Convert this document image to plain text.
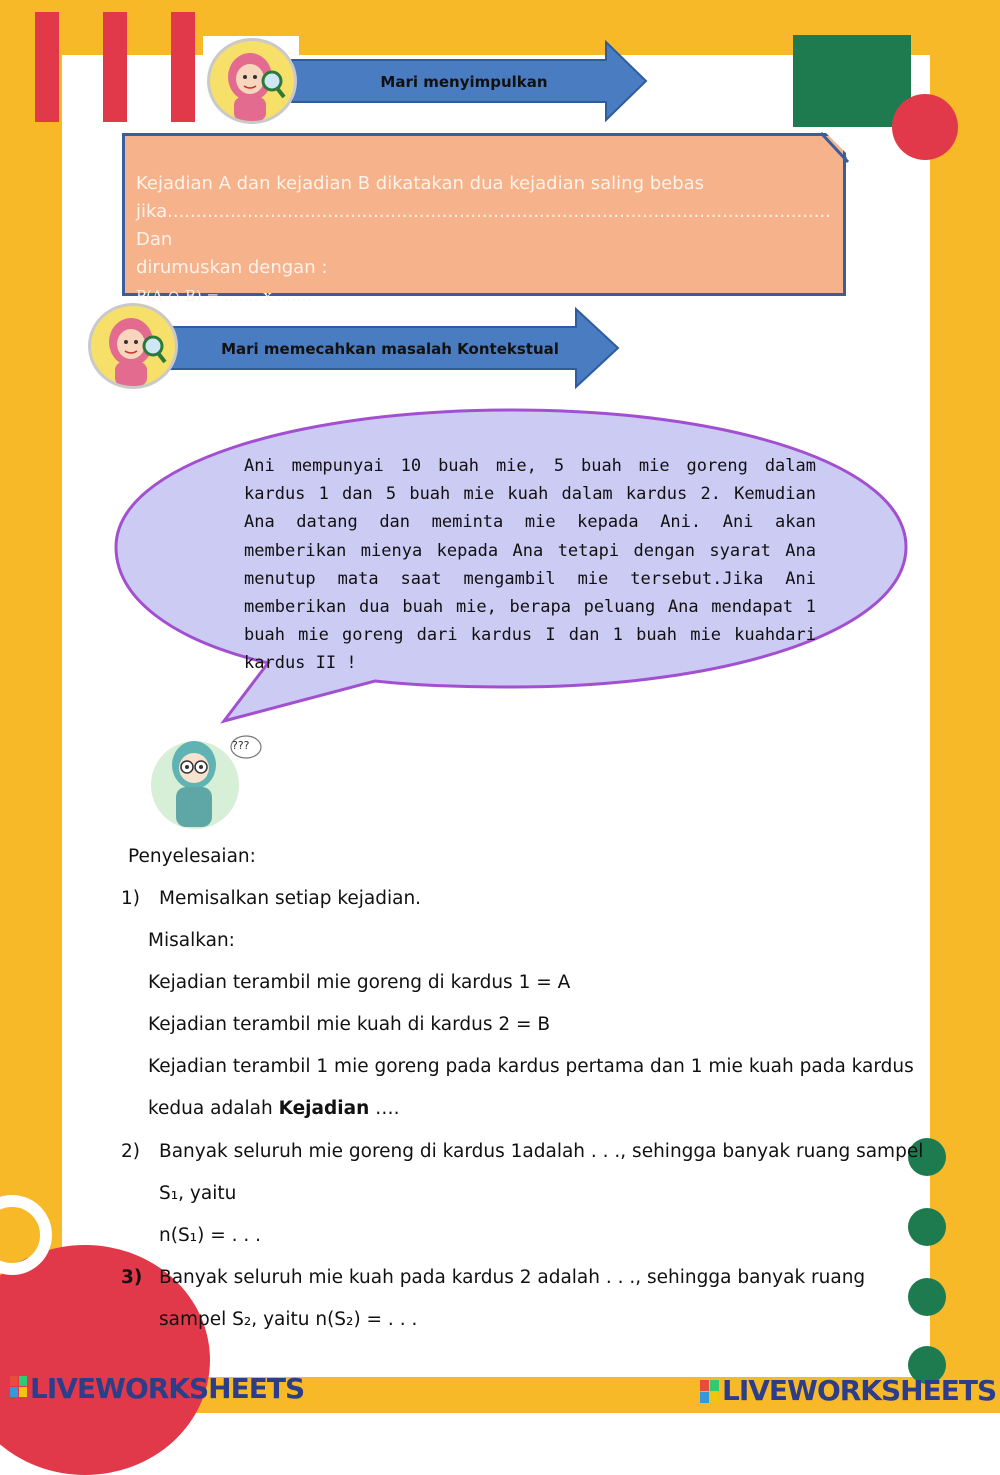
Mari menyimpulkan
Kejadian A dan kejadian B dikatakan dua kejadian saling bebas
jika.................................................................................................................... Dan
dirumuskan dengan :
P(A ∩ B) = ……. x …….
Mari memecahkan masalah Kontekstual
Ani mempunyai 10 buah mie, 5 buah mie goreng dalam kardus 1 dan 5 buah mie kuah dalam kardus 2. Kemudian Ana datang dan meminta mie kepada Ani. Ani akan memberikan mienya kepada Ana tetapi dengan syarat Ana menutup mata saat mengambil mie tersebut.Jika Ani memberikan dua buah mie, berapa peluang Ana mendapat 1 buah mie goreng dari kardus I dan 1 buah mie kuahdari kardus II !
???
Penyelesaian:
1) Memisalkan setiap kejadian.
Misalkan:
Kejadian terambil mie goreng di kardus 1 = A
Kejadian terambil mie kuah di kardus 2 = B
Kejadian terambil 1 mie goreng pada kardus pertama dan 1 mie kuah pada kardus
kedua adalah Kejadian ….
2) Banyak seluruh mie goreng di kardus 1adalah . . ., sehingga banyak ruang sampel
S₁, yaitu
n(S₁) = . . .
3) Banyak seluruh mie kuah pada kardus 2 adalah . . ., sehingga banyak ruang
sampel S₂, yaitu n(S₂) = . . .
LIVEWORKSHEETS	LIVEWORKSHEETS
